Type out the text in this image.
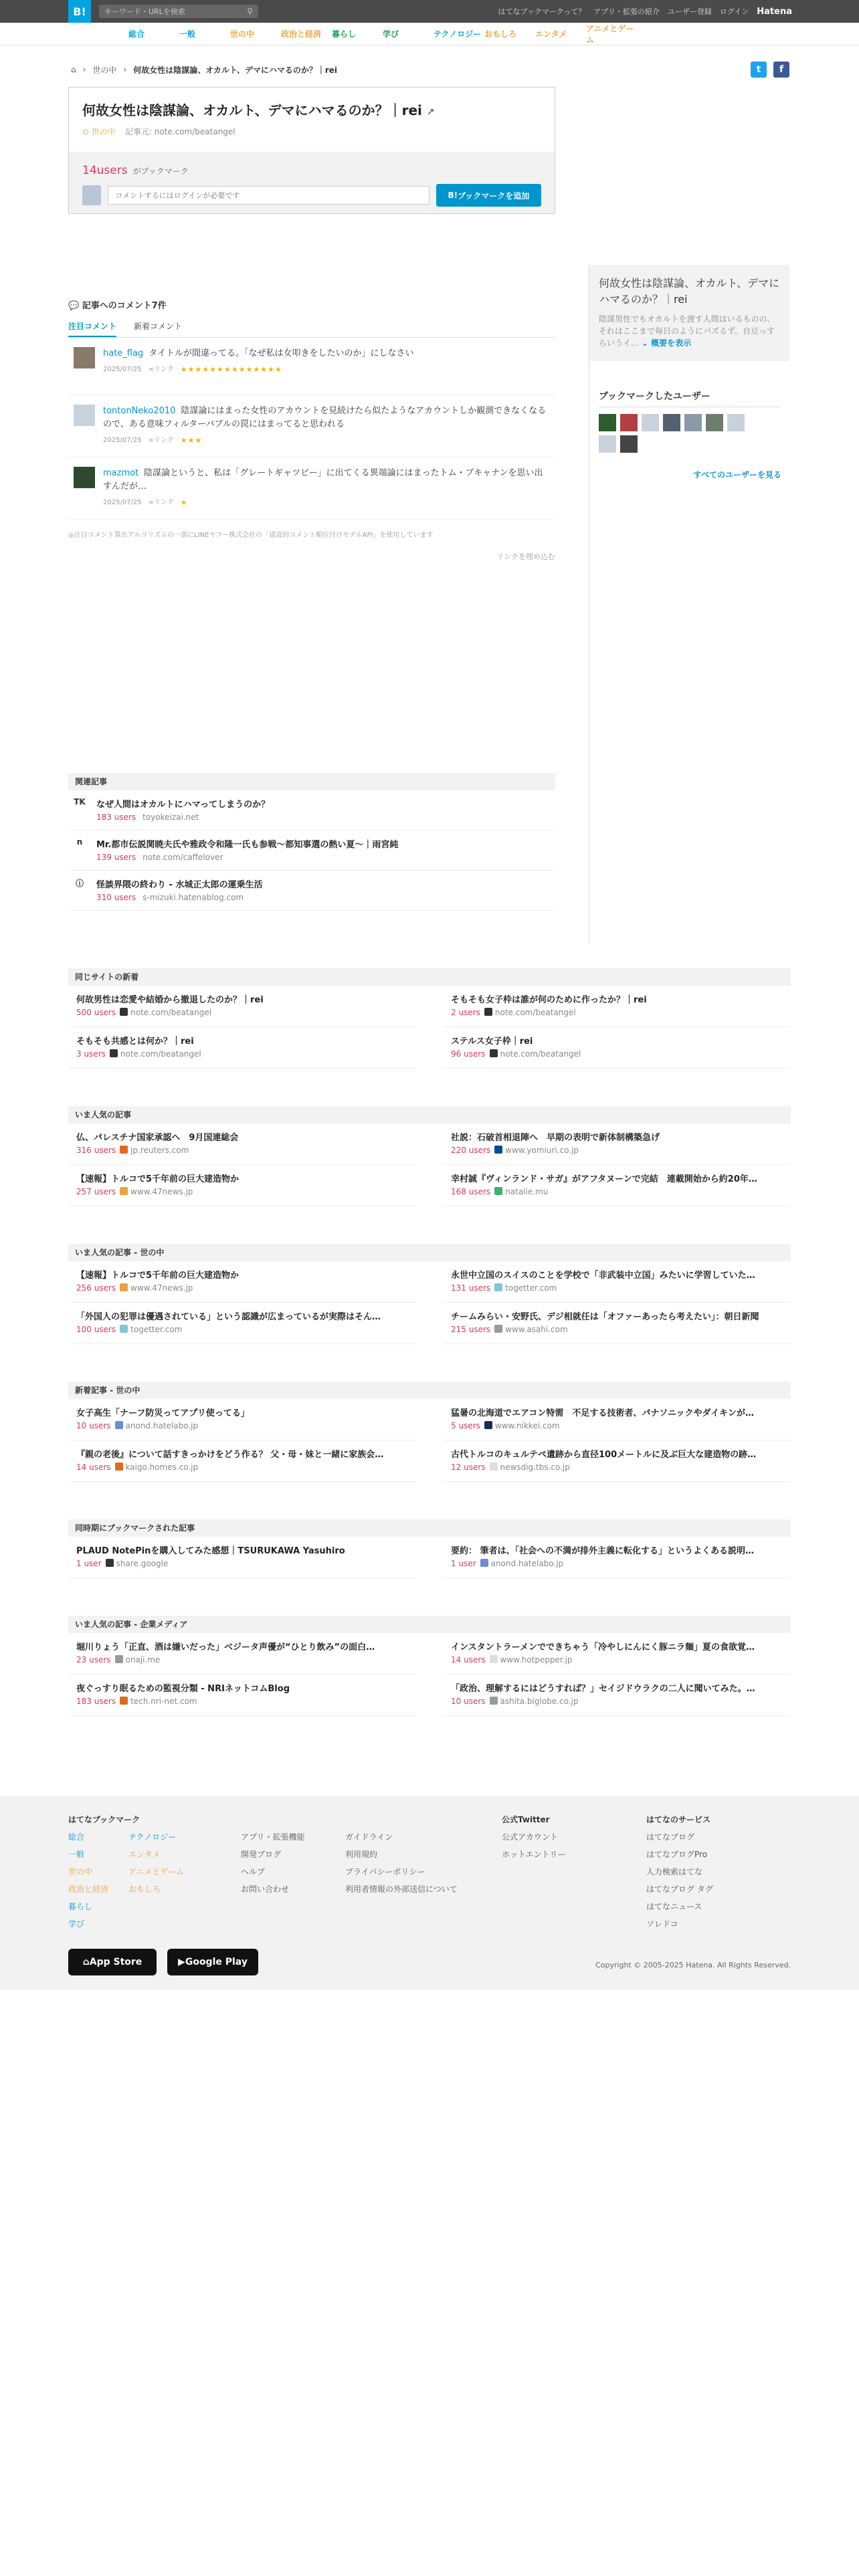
B!
キーワード・URLを検索	⚲	はてなブックマークって？ アプリ・拡張の紹介 ユーザー登録 ログイン Hatena
総合	一般	世の中	政治と経済	暮らし	学び	テクノロジー おもしろ	エンタメ
アニメとゲーム
⌂ › 世の中 › 何故女性は陰謀論、オカルト、デマにハマるのか？｜rei	t	f
何故女性は陰謀論、オカルト、デマにハマるのか？｜rei ↗
⊙ 世の中 記事元: note.com/beatangel
14users がブックマーク
コメントするにはログインが必要です
B! ブックマークを追加
💬 記事へのコメント7件
注目コメント 新着コメント
hate_flag タイトルが間違ってる。「なぜ私は女叩きをしたいのか」にしなさい
2025/07/25 ∞リンク ★★★★★★★★★★★★★★
tontonNeko2010 陰謀論にはまった女性のアカウントを見続けたら似たようなアカウントしか観測できなくなるので、ある意味フィルターバブルの罠にはまってると思われる
2025/07/25 ∞リンク ★★★
mazmot 陰謀論というと、私は「グレートギャツビー」に出てくる異端論にはまったトム・ブキャナンを思い出すんだが…
2025/07/25 ∞リンク ★
◎注目コメント算出アルゴリズムの一部にLINEヤフー株式会社の「建設的コメント順位付けモデルAPI」を使用しています
リンクを埋め込む
何故女性は陰謀論、オカルト、デマにハマるのか？｜rei

陰謀男性でもオカルトを渡す人間はいるものの、それはここまで毎日のようにパズるず。自豆っすらいうイ… ⌄ 概要を表示

ブックマークしたユーザー
すべてのユーザーを見る
関連記事
TK なぜ人間はオカルトにハマってしまうのか？
183 users toyokeizai.net
n	Mr.都市伝説関暁夫氏や雅政令和隆一氏も参戦～都知事選の熱い夏～｜雨宮純
139 users note.com/caffelover
ⓘ 怪談界隈の終わり - 水城正太郎の運乗生活
310 users s-mizuki.hatenablog.com
同じサイトの新着
何故男性は恋愛や結婚から撤退したのか？｜rei
500 users note.com/beatangel
そもそも女子枠は誰が何のために作ったか？｜rei
2 users note.com/beatangel
そもそも共感とは何か？｜rei
3 users note.com/beatangel
ステルス女子枠｜rei
96 users note.com/beatangel
いま人気の記事
仏、パレスチナ国家承認へ　9月国連総会
316 users jp.reuters.com
社説：石破首相退陣へ　早期の表明で新体制構築急げ
220 users www.yomiuri.co.jp
【速報】トルコで5千年前の巨大建造物か
257 users www.47news.jp
幸村誠『ヴィンランド・サガ』がアフタヌーンで完結　連載開始から約20年…
168 users natalie.mu
いま人気の記事 - 世の中
【速報】トルコで5千年前の巨大建造物か
256 users www.47news.jp
永世中立国のスイスのことを学校で「非武装中立国」みたいに学習していた…
131 users togetter.com
「外国人の犯罪は優遇されている」という認識が広まっているが実際はそん…
100 users togetter.com
チームみらい・安野氏、デジ相就任は「オファーあったら考えたい」：朝日新聞
215 users www.asahi.com
新着記事 - 世の中
女子高生「ナーフ防災ってアプリ使ってる」
10 users anond.hatelabo.jp
猛暑の北海道でエアコン特需　不足する技術者、パナソニックやダイキンが…
5 users www.nikkei.com
『親の老後』について話すきっかけをどう作る？ 父・母・妹と一緒に家族会…
14 users kaigo.homes.co.jp
古代トルコのキュルテペ遺跡から直径100メートルに及ぶ巨大な建造物の跡…
12 users newsdig.tbs.co.jp
同時期にブックマークされた記事
PLAUD NotePinを購入してみた感想｜TSURUKAWA Yasuhiro
1 user share.google
要約： 筆者は、「社会への不満が排外主義に転化する」というよくある説明…
1 user anond.hatelabo.jp
いま人気の記事 - 企業メディア
堀川りょう「正直、酒は嫌いだった」ベジータ声優が“ひとり飲み”の面白…
23 users onaji.me
インスタントラーメンでできちゃう「冷やしにんにく豚ニラ麺」夏の食欲覚…
14 users www.hotpepper.jp
夜ぐっすり眠るための監視分類 - NRIネットコムBlog
183 users tech.nri-net.com
「政治、理解するにはどうすれば？」セイジドウラクの二人に聞いてみた。…
10 users ashita.biglobe.co.jp
はてなブックマーク
総合
一般
世の中
政治と経済
暮らし
学び
テクノロジー
エンタメ
アニメとゲーム
おもしろ
アプリ・拡張機能
開発ブログ
ヘルプ
お問い合わせ
ガイドライン
利用規約
プライバシーポリシー
利用者情報の外部送信について
公式Twitter
公式アカウント
ホットエントリー
はてなのサービス
はてなブログ
はてなブログPro
人力検索はてな
はてなブログ タグ
はてなニュース
ソレドコ
⌂ App Store	▶ Google Play	Copyright © 2005-2025 Hatena. All Rights Reserved.
